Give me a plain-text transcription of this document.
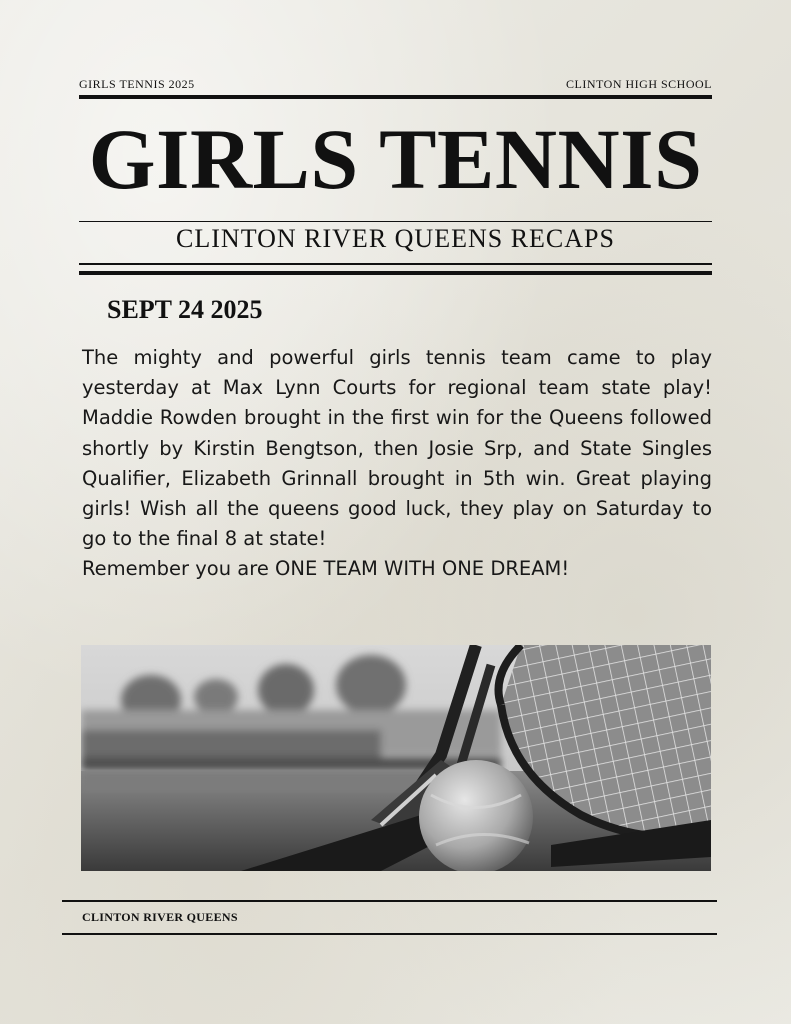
GIRLS TENNIS 2025	CLINTON HIGH SCHOOL
GIRLS TENNIS
CLINTON RIVER QUEENS RECAPS
SEPT 24 2025

The mighty and powerful girls tennis team came to play yesterday at Max Lynn Courts for regional team state play! Maddie Rowden brought in the first win for the Queens followed shortly by Kirstin Bengtson, then Josie Srp, and State Singles Qualifier, Elizabeth Grinnall brought in 5th win. Great playing girls! Wish all the queens good luck, they play on Saturday to go to the final 8 at state!

Remember you are ONE TEAM WITH ONE DREAM!

CLINTON RIVER QUEENS
